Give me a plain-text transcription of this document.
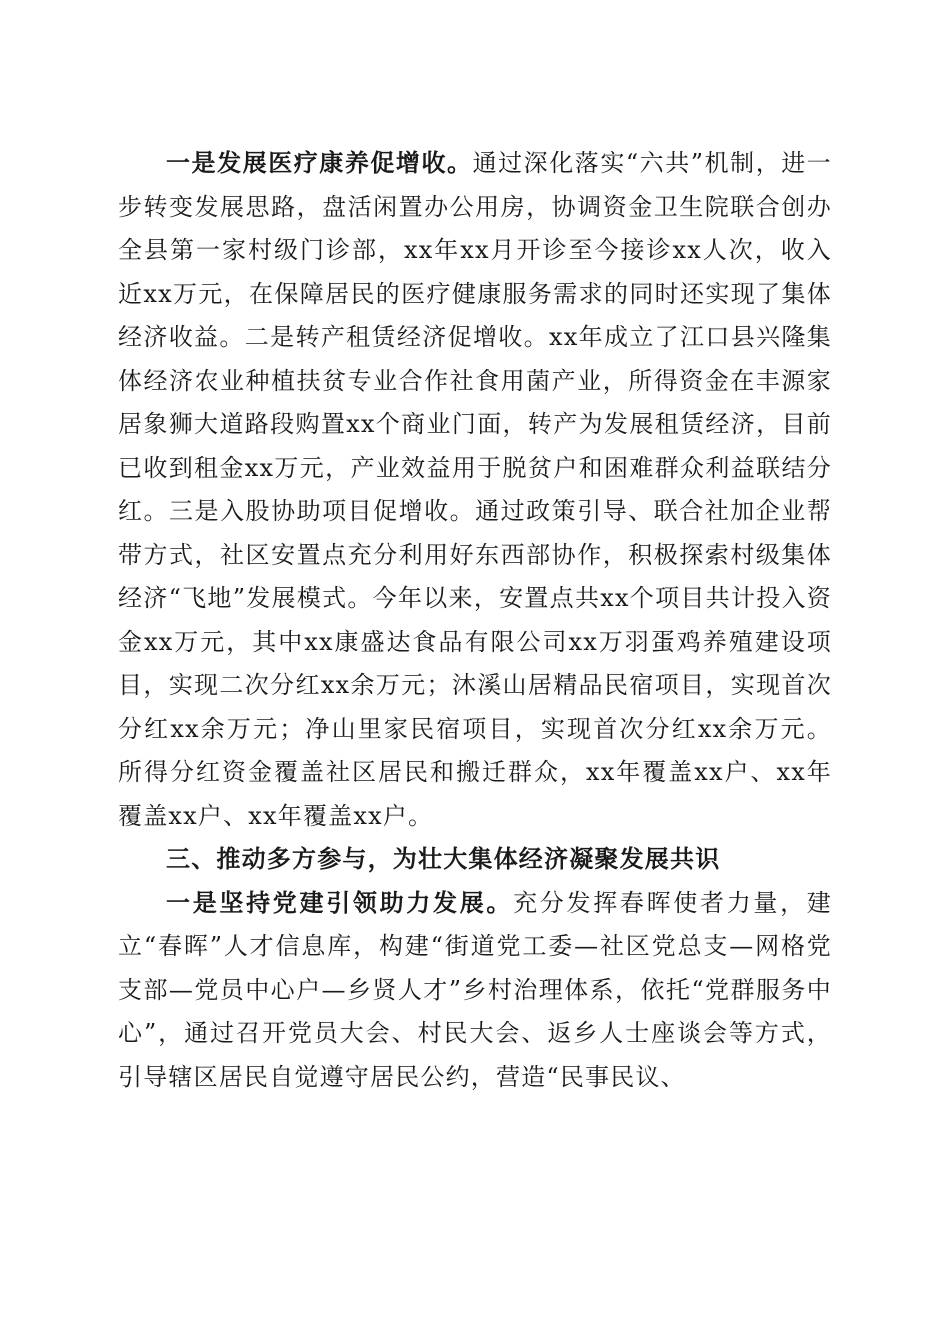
一是发展医疗康养促增收。通过深化落实“六共”机制，进一步转变发展思路，盘活闲置办公用房，协调资金卫生院联合创办全县第一家村级门诊部，xx年xx月开诊至今接诊xx人次，收入近xx万元，在保障居民的医疗健康服务需求的同时还实现了集体经济收益。二是转产租赁经济促增收。xx年成立了江口县兴隆集体经济农业种植扶贫专业合作社食用菌产业，所得资金在丰源家居象狮大道路段购置xx个商业门面，转产为发展租赁经济，目前已收到租金xx万元，产业效益用于脱贫户和困难群众利益联结分红。三是入股协助项目促增收。通过政策引导、联合社加企业帮带方式，社区安置点充分利用好东西部协作，积极探索村级集体经济“飞地”发展模式。今年以来，安置点共xx个项目共计投入资金xx万元，其中xx康盛达食品有限公司xx万羽蛋鸡养殖建设项目，实现二次分红xx余万元；沐溪山居精品民宿项目，实现首次分红xx余万元；净山里家民宿项目，实现首次分红xx余万元。所得分红资金覆盖社区居民和搬迁群众，xx年覆盖xx户、xx年覆盖xx户、xx年覆盖xx户。

三、推动多方参与，为壮大集体经济凝聚发展共识

一是坚持党建引领助力发展。充分发挥春晖使者力量，建立“春晖”人才信息库，构建“街道党工委—社区党总支—网格党支部—党员中心户—乡贤人才”乡村治理体系，依托“党群服务中心”，通过召开党员大会、村民大会、返乡人士座谈会等方式，引导辖区居民自觉遵守居民公约，营造“民事民议、
